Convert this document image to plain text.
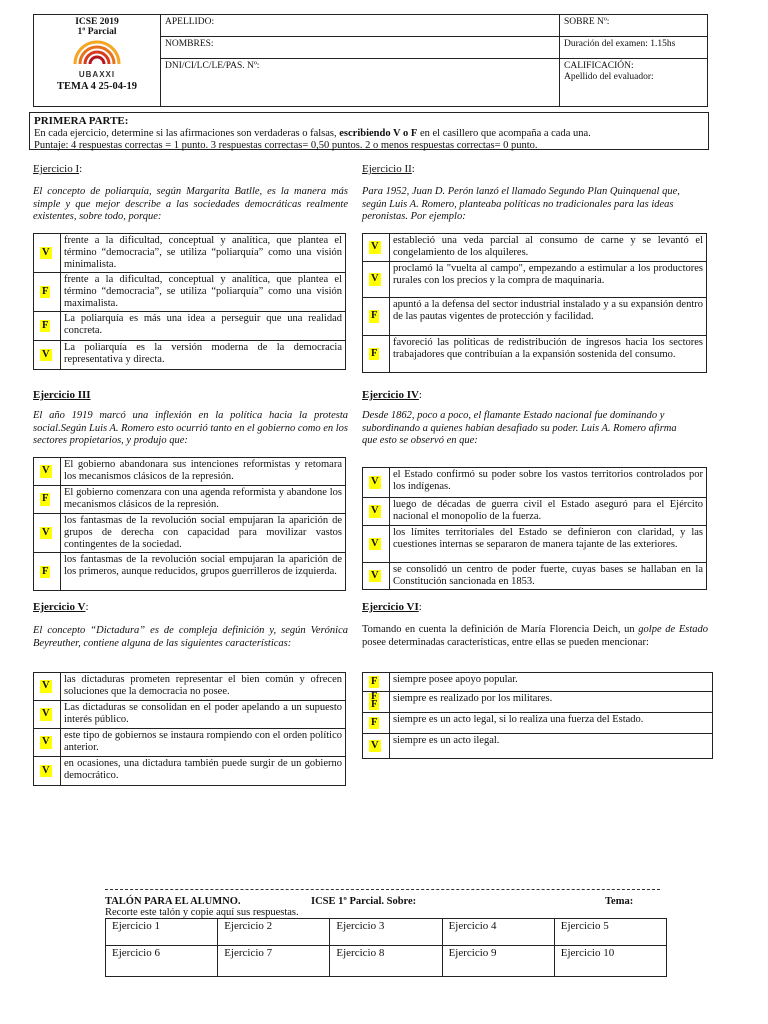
ICSE 2019
1º Parcial
UBAXXI
TEMA 4 25-04-19	APELLIDO:	SOBRE Nº:
	NOMBRES:	Duración del examen: 1.15hs
	DNI/CI/LC/LE/PAS. Nº:	CALIFICACIÓN:
Apellido del evaluador:
PRIMERA PARTE:
En cada ejercicio, determine si las afirmaciones son verdaderas o falsas, escribiendo V o F en el casillero que acompaña a cada una.
Puntaje: 4 respuestas correctas = 1 punto. 3 respuestas correctas= 0,50 puntos. 2 o menos respuestas correctas= 0 punto.
Ejercicio I:
El concepto de poliarquía, según Margarita Batlle, es la manera más simple y que mejor describe a las sociedades democráticas realmente existentes, sobre todo, porque:
V	frente a la dificultad, conceptual y analítica, que plantea el término “democracia”, se utiliza “poliarquía” como una visión minimalista.
F	frente a la dificultad, conceptual y analítica, que plantea el término “democracia”, se utiliza “poliarquía” como una visión maximalista.
F	La poliarquía es más una idea a perseguir que una realidad concreta.
V	La poliarquía es la versión moderna de la democracia representativa y directa.
Ejercicio II:
Para 1952, Juan D. Perón lanzó el llamado Segundo Plan Quinquenal que, según Luis A. Romero, planteaba políticas no tradicionales para las ideas peronistas. Por ejemplo:
V	estableció una veda parcial al consumo de carne y se levantó el congelamiento de los alquileres.
V	proclamó la "vuelta al campo", empezando a estimular a los productores rurales con los precios y la compra de maquinaria.
F	apuntó a la defensa del sector industrial instalado y a su expansión dentro de las pautas vigentes de protección y facilidad.
F	favoreció las políticas de redistribución de ingresos hacia los sectores trabajadores que contribuían a la expansión sostenida del consumo.
Ejercicio III
El año 1919 marcó una inflexión en la política hacia la protesta social.Según Luis A. Romero esto ocurrió tanto en el gobierno como en los sectores propietarios, y produjo que:
V	El gobierno abandonara sus intenciones reformistas y retomara los mecanismos clásicos de la represión.
F	El gobierno comenzara con una agenda reformista y abandone los mecanismos clásicos de la represión.
V	los fantasmas de la revolución social empujaran la aparición de grupos de derecha con capacidad para movilizar vastos contingentes de la sociedad.
F	los fantasmas de la revolución social empujaran la aparición de los primeros, aunque reducidos, grupos guerrilleros de izquierda.
Ejercicio IV:
Desde 1862, poco a poco, el flamante Estado nacional fue dominando y subordinando a quienes habían desafiado su poder. Luis A. Romero afirma que esto se observó en que:
V	el Estado confirmó su poder sobre los vastos territorios controlados por los indígenas.
V	luego de décadas de guerra civil el Estado aseguró para el Ejército nacional el monopolio de la fuerza.
V	los límites territoriales del Estado se definieron con claridad, y las cuestiones internas se separaron de manera tajante de las exteriores.
V	se consolidó un centro de poder fuerte, cuyas bases se hallaban en la Constitución sancionada en 1853.
Ejercicio V:
El concepto “Dictadura” es de compleja definición y, según Verónica Beyreuther, contiene alguna de las siguientes características:
V	las dictaduras prometen representar el bien común y ofrecen soluciones que la democracia no posee.
V	Las dictaduras se consolidan en el poder apelando a un supuesto interés público.
V	este tipo de gobiernos se instaura rompiendo con el orden político anterior.
V	en ocasiones, una dictadura también puede surgir de un gobierno democrático.
Ejercicio VI:
Tomando en cuenta la definición de María Florencia Deich, un golpe de Estado posee determinadas características, entre ellas se pueden mencionar:
F	siempre posee apoyo popular.
F
F	siempre es realizado por los militares.
F	siempre es un acto legal, si lo realiza una fuerza del Estado.
V	siempre es un acto ilegal.
TALÓN PARA EL ALUMNO.	ICSE 1º Parcial. Sobre:	Tema:
Recorte este talón y copie aquí sus respuestas.
Ejercicio 1	Ejercicio 2	Ejercicio 3	Ejercicio 4	Ejercicio 5
Ejercicio 6	Ejercicio 7	Ejercicio 8	Ejercicio 9	Ejercicio 10
